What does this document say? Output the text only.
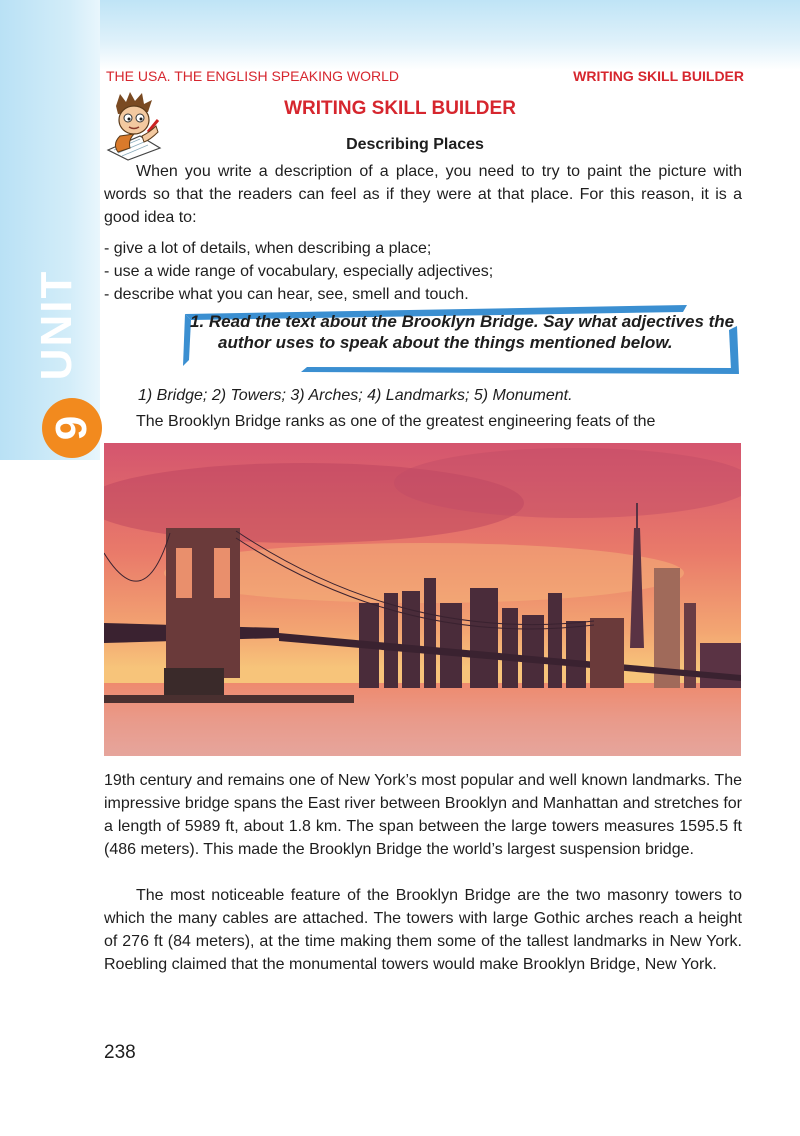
UNIT
9
THE USA. THE ENGLISH SPEAKING WORLD	WRITING SKILL BUILDER
WRITING SKILL BUILDER
Describing Places

When you write a description of a place, you need to try to paint the picture with words so that the readers can feel as if they were at that place. For this reason, it is a good idea to:

- give a lot of details, when describing a place;
- use a wide range of vocabulary, especially adjectives;
- describe what you can hear, see, smell and touch.

1. Read the text about the Brooklyn Bridge. Say what adjectives the author uses to speak about the things mentioned below.

1) Bridge; 2) Towers; 3) Arches; 4) Landmarks; 5) Monument.

The Brooklyn Bridge ranks as one of the greatest engineering feats of the

19th century and remains one of New York’s most popular and well known landmarks. The impressive bridge spans the East river between Brooklyn and Manhattan and stretches for a length of 5989 ft, about 1.8 km. The span between the large towers measures 1595.5 ft (486 meters). This made the Brooklyn Bridge the world’s largest suspension bridge.

The most noticeable feature of the Brooklyn Bridge are the two masonry towers to which the many cables are attached. The towers with large Gothic arches reach a height of 276 ft (84 meters), at the time making them some of the tallest landmarks in New York. Roebling claimed that the monumental towers would make Brooklyn Bridge, New York.

238
